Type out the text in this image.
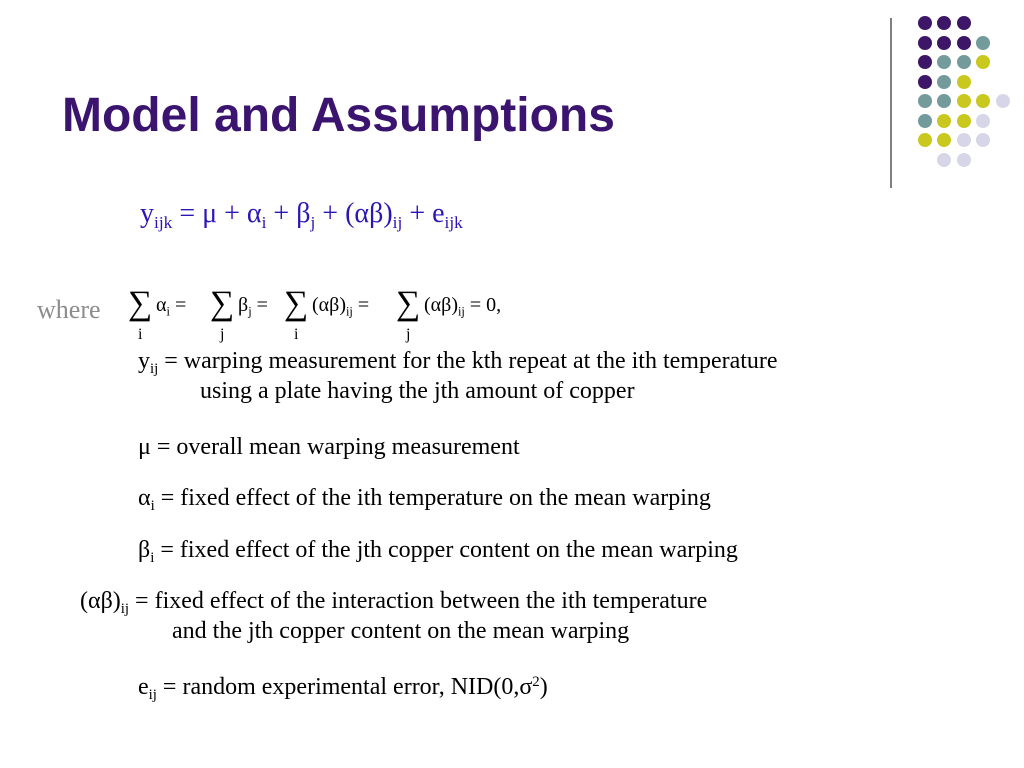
Model and Assumptions
$y_{ijk} = \mu + \alpha_i + \beta_j + (\alpha\beta)_{ij} + e_{ijk}$
where ∑
i
$\alpha_i$ = ∑
j
$\beta_j$ = ∑
i
$(\alpha\beta)_{ij}$ = ∑
j
$(\alpha\beta)_{ij} = 0$,
$y_{ij}$ = warping measurement for the kth repeat at the ith temperature
using a plate having the jth amount of copper
μ = overall mean warping measurement
$\alpha_i$ = fixed effect of the ith temperature on the mean warping
$\beta_i$ = fixed effect of the jth copper content on the mean warping
$(\alpha\beta)_{ij}$ = fixed effect of the interaction between the ith temperature
and the jth copper content on the mean warping
$e_{ij}$ = random experimental error, $NID(0,\sigma^2)$
